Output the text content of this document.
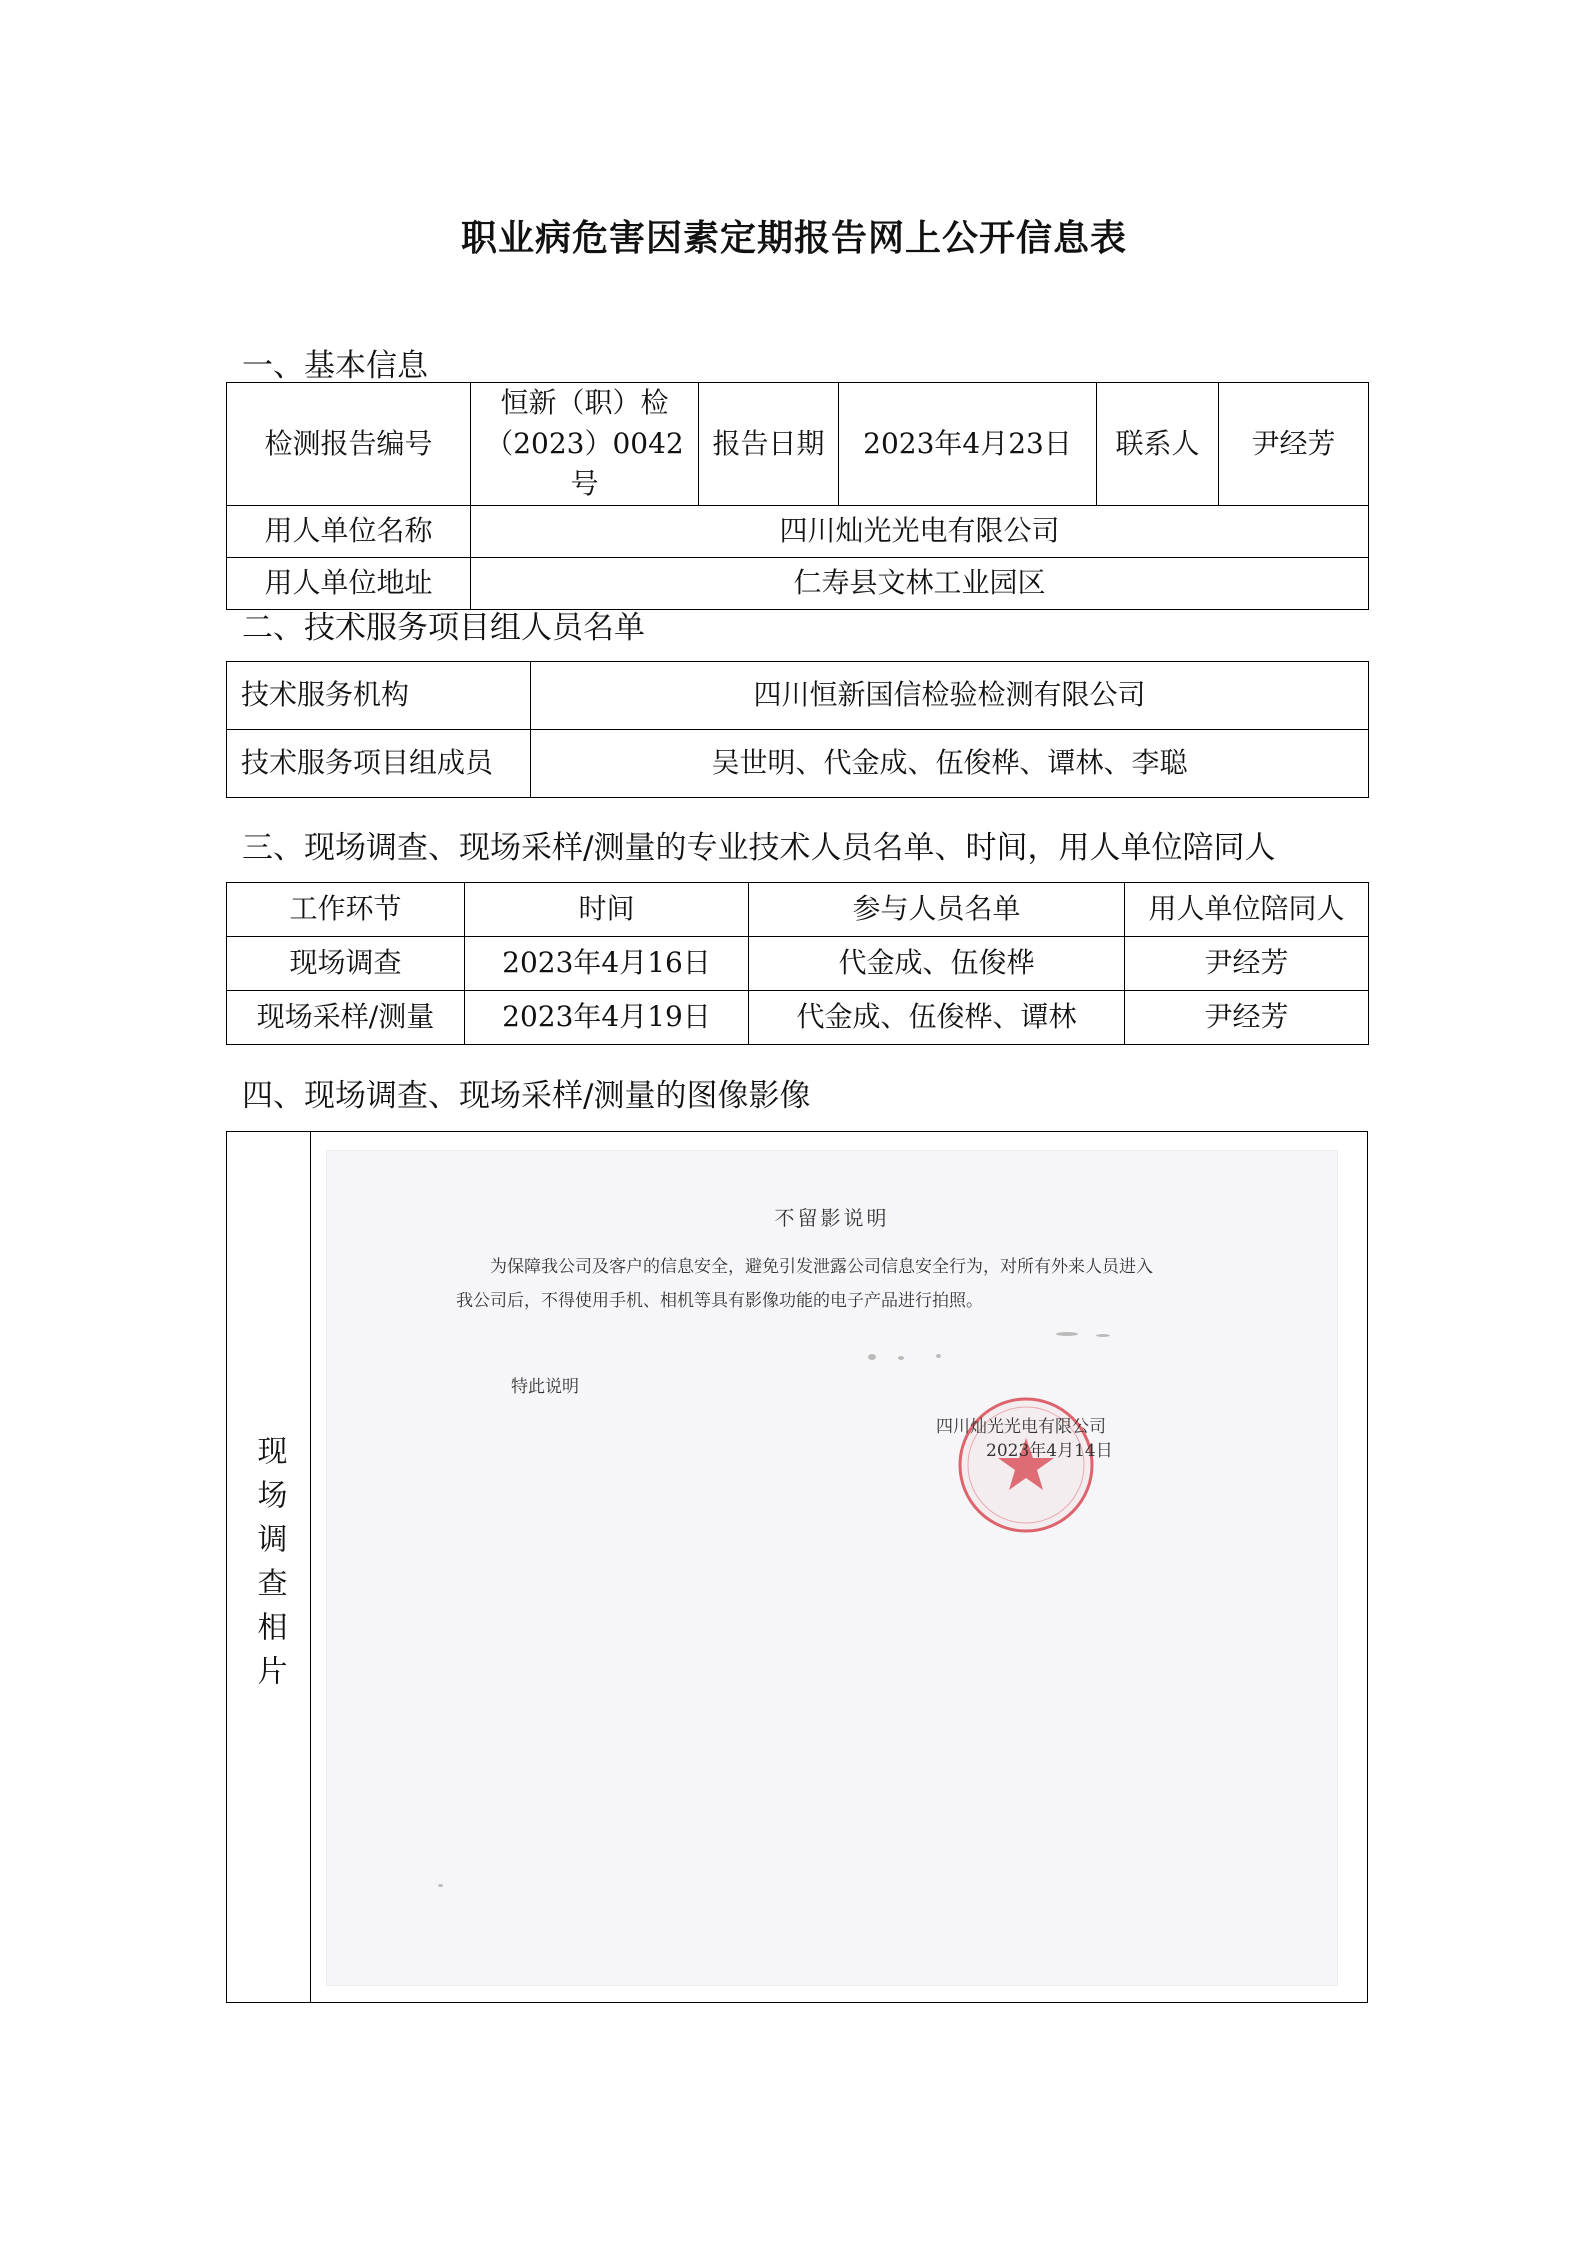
职业病危害因素定期报告网上公开信息表
一、基本信息
检测报告编号	恒新（职）检（2023）0042号	报告日期	2023年4月23日	联系人	尹经芳
用人单位名称	四川灿光光电有限公司				
用人单位地址	仁寿县文林工业园区				
二、技术服务项目组人员名单
技术服务机构	四川恒新国信检验检测有限公司
技术服务项目组成员	吴世明、代金成、伍俊桦、谭林、李聪
三、现场调查、现场采样/测量的专业技术人员名单、时间，用人单位陪同人
工作环节	时间	参与人员名单	用人单位陪同人
现场调查	2023年4月16日	代金成、伍俊桦	尹经芳
现场采样/测量	2023年4月19日	代金成、伍俊桦、谭林	尹经芳
四、现场调查、现场采样/测量的图像影像
现场调查相片
不留影说明
为保障我公司及客户的信息安全，避免引发泄露公司信息安全行为，对所有外来人员进入我公司后，不得使用手机、相机等具有影像功能的电子产品进行拍照。
特此说明
四川灿光光电有限公司
2023年4月14日
